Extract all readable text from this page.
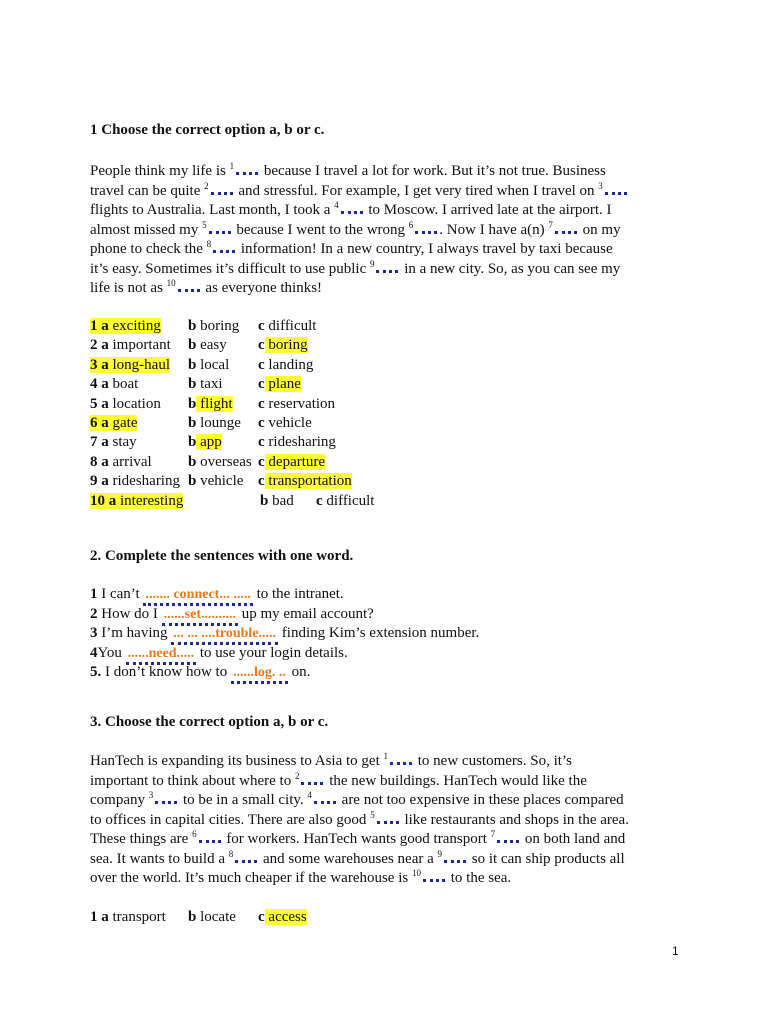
1 Choose the correct option a, b or c.
People think my life is $^1$ because I travel a lot for work. But it’s not true. Business
travel can be quite $^2$ and stressful. For example, I get very tired when I travel on $^3$
flights to Australia. Last month, I took a $^4$ to Moscow. I arrived late at the airport. I
almost missed my $^5$ because I went to the wrong $^6$ . Now I have a(n) $^7$ on my
phone to check the $^8$ information! In a new country, I always travel by taxi because
it’s easy. Sometimes it’s difficult to use public $^9$ in a new city. So, as you can see my
life is not as $^{10}$ as everyone thinks!
1 a exciting b boring c difficult
2 a important b easy c boring
3 a long-haul b local c landing
4 a boat	b taxi c plane
5 a location b flight c reservation
6 a gate	b lounge c vehicle
7 a stay	b app c ridesharing
8 a arrival b overseas c departure
9 a ridesharing b vehicle c transportation
10 a interesting	b bad c difficult
2. Complete the sentences with one word.
1 I can’t ....... connect... ..... to the intranet.
2 How do I ......set.......... up my email account?
3 I’m having ... ... ....trouble..... finding Kim’s extension number.
4You ......need..... to use your login details.
5. I don’t know how to ......log. .. on.
3. Choose the correct option a, b or c.
HanTech is expanding its business to Asia to get $^1$ to new customers. So, it’s
important to think about where to $^2$ the new buildings. HanTech would like the
company $^3$ to be in a small city. $^4$ are not too expensive in these places compared
to offices in capital cities. There are also good $^5$ like restaurants and shops in the area.
These things are $^6$ for workers. HanTech wants good transport $^7$ on both land and
sea. It wants to build a $^8$ and some warehouses near a $^9$ so it can ship products all
over the world. It’s much cheaper if the warehouse is $^{10}$ to the sea.
1 a transport b locate c access
1
